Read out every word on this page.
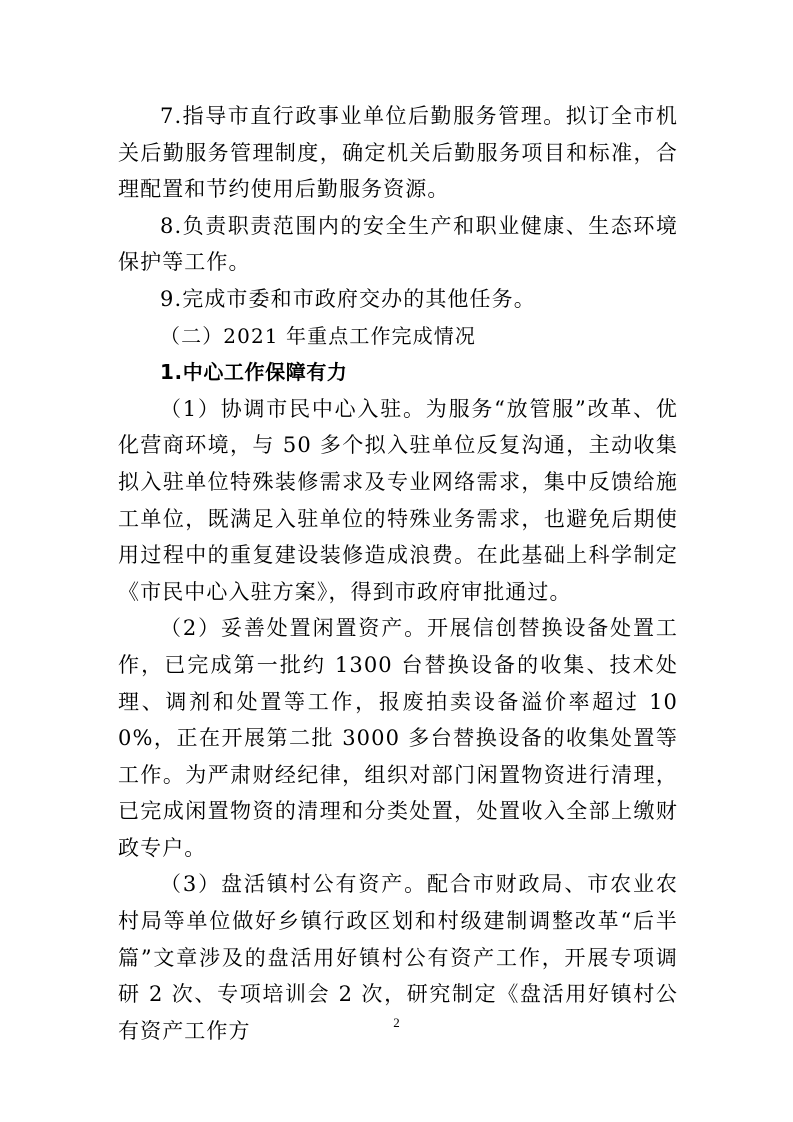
7.指导市直行政事业单位后勤服务管理。拟订全市机关后勤服务管理制度，确定机关后勤服务项目和标准，合理配置和节约使用后勤服务资源。

8.负责职责范围内的安全生产和职业健康、生态环境保护等工作。

9.完成市委和市政府交办的其他任务。

（二）2021 年重点工作完成情况

1.中心工作保障有力

（1）协调市民中心入驻。为服务“放管服”改革、优化营商环境，与 50 多个拟入驻单位反复沟通，主动收集拟入驻单位特殊装修需求及专业网络需求，集中反馈给施工单位，既满足入驻单位的特殊业务需求，也避免后期使用过程中的重复建设装修造成浪费。在此基础上科学制定《市民中心入驻方案》，得到市政府审批通过。

（2）妥善处置闲置资产。开展信创替换设备处置工作，已完成第一批约 1300 台替换设备的收集、技术处理、调剂和处置等工作，报废拍卖设备溢价率超过 100%，正在开展第二批 3000 多台替换设备的收集处置等工作。为严肃财经纪律，组织对部门闲置物资进行清理，已完成闲置物资的清理和分类处置，处置收入全部上缴财政专户。

（3）盘活镇村公有资产。配合市财政局、市农业农村局等单位做好乡镇行政区划和村级建制调整改革“后半篇”文章涉及的盘活用好镇村公有资产工作，开展专项调研 2 次、专项培训会 2 次，研究制定《盘活用好镇村公有资产工作方	2
